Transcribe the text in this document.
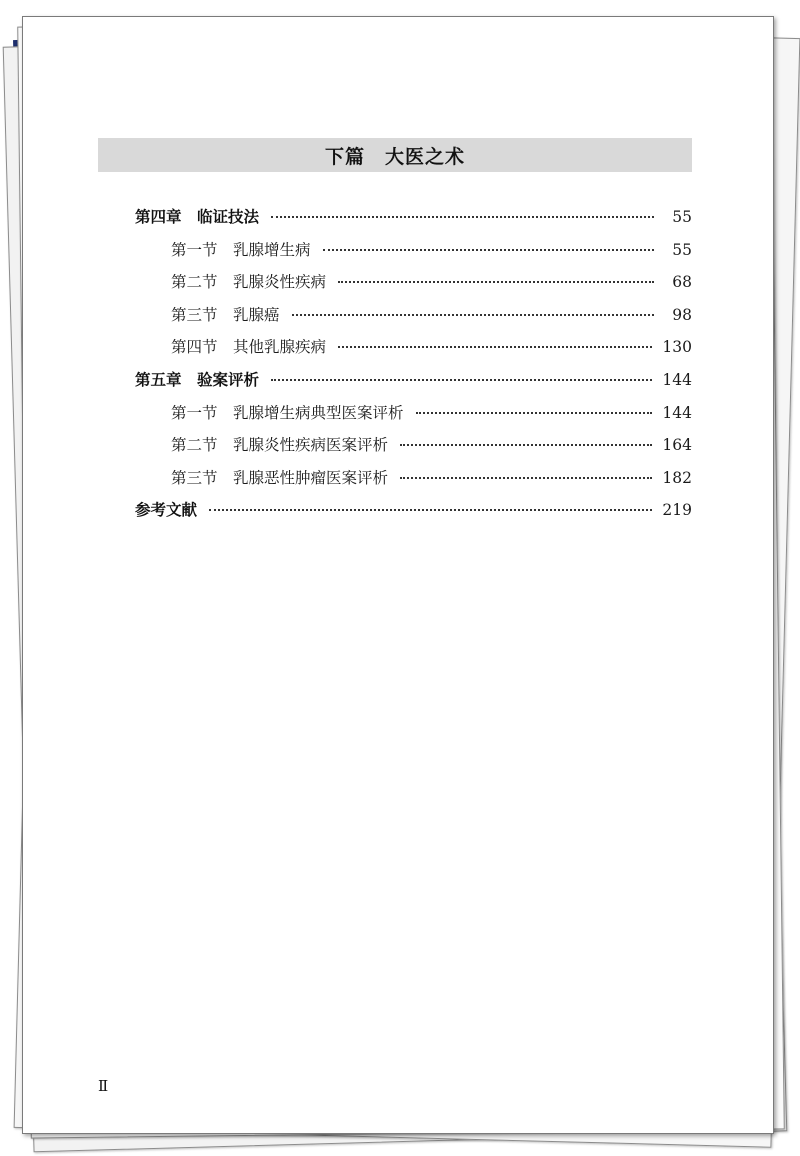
下篇　大医之术
第四章　临证技法	55
第一节　乳腺增生病	55
第二节　乳腺炎性疾病	68
第三节　乳腺癌	98
第四节　其他乳腺疾病	130
第五章　验案评析	144
第一节　乳腺增生病典型医案评析	144
第二节　乳腺炎性疾病医案评析	164
第三节　乳腺恶性肿瘤医案评析	182
参考文献	219
Ⅱ
